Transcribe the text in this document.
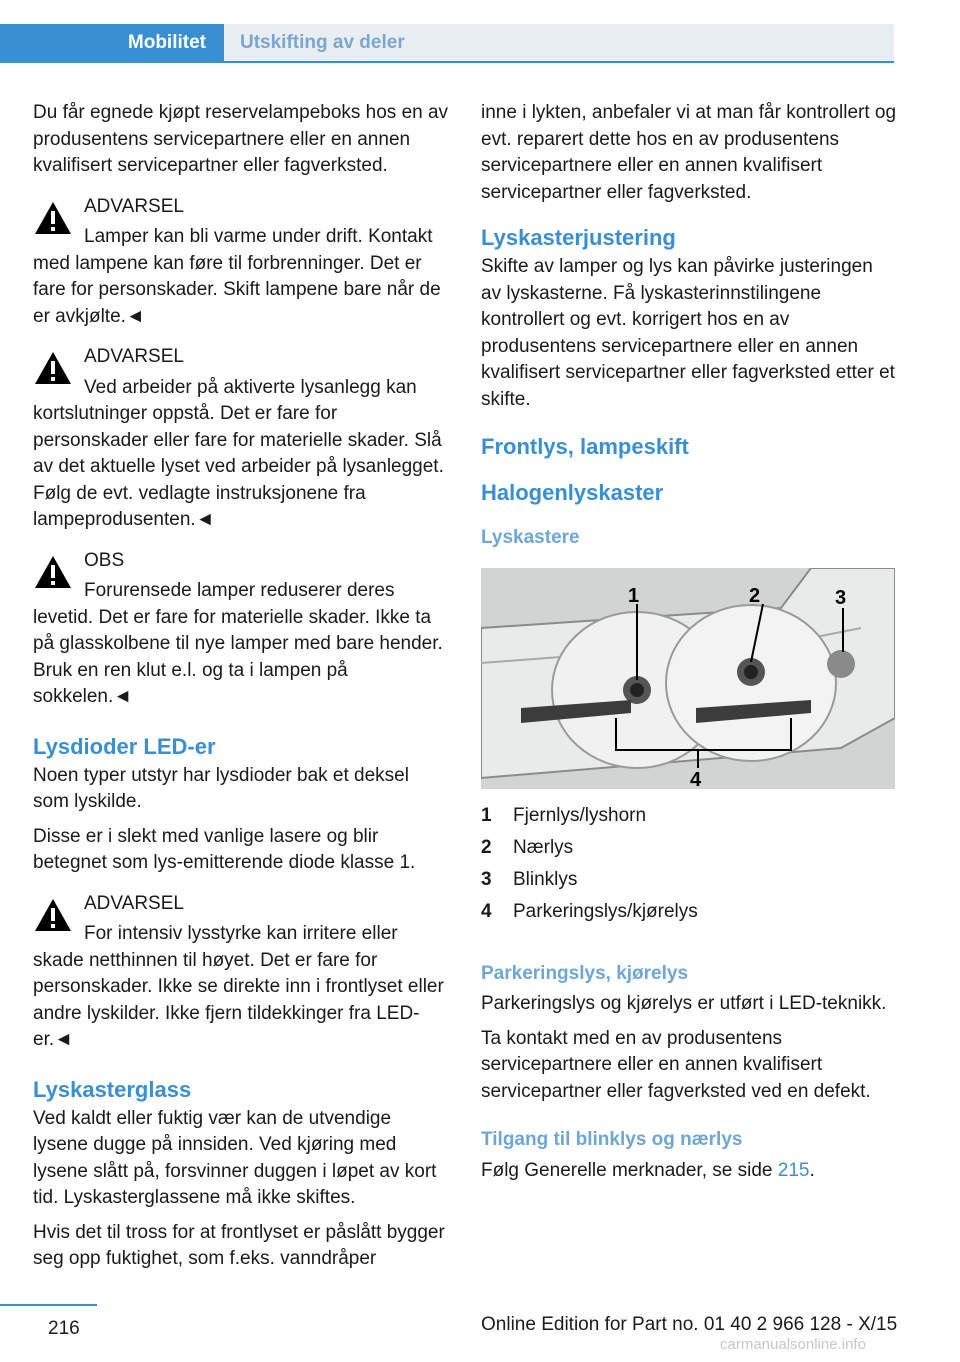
Mobilitet	Utskifting av deler

Du får egnede kjøpt reservelampeboks hos en av produsentens servicepartnere eller en annen kvalifisert servicepartner eller fagverksted.

ADVARSEL
Lamper kan bli varme under drift. Kontakt med lampene kan føre til forbrenninger. Det er fare for personskader. Skift lampene bare når de er avkjølte.◄
ADVARSEL
Ved arbeider på aktiverte lysanlegg kan kortslutninger oppstå. Det er fare for personskader eller fare for materielle skader. Slå av det aktuelle lyset ved arbeider på lysanlegget. Følg de evt. vedlagte instruksjonene fra lampeprodusenten.◄
OBS
Forurensede lamper reduserer deres levetid. Det er fare for materielle skader. Ikke ta på glasskolbene til nye lamper med bare hender. Bruk en ren klut e.l. og ta i lampen på sokkelen.◄
Lysdioder LED-er

Noen typer utstyr har lysdioder bak et deksel som lyskilde.

Disse er i slekt med vanlige lasere og blir betegnet som lys-emitterende diode klasse 1.

ADVARSEL
For intensiv lysstyrke kan irritere eller skade netthinnen til høyet. Det er fare for personskader. Ikke se direkte inn i frontlyset eller andre lyskilder. Ikke fjern tildekkinger fra LED-er.◄
Lyskasterglass

Ved kaldt eller fuktig vær kan de utvendige lysene dugge på innsiden. Ved kjøring med lysene slått på, forsvinner duggen i løpet av kort tid. Lyskasterglassene må ikke skiftes.

Hvis det til tross for at frontlyset er påslått bygger seg opp fuktighet, som f.eks. vanndråper

inne i lykten, anbefaler vi at man får kontrollert og evt. reparert dette hos en av produsentens servicepartnere eller en annen kvalifisert servicepartner eller fagverksted.

Lyskasterjustering

Skifte av lamper og lys kan påvirke justeringen av lyskasterne. Få lyskasterinnstilingene kontrollert og evt. korrigert hos en av produsentens servicepartnere eller en annen kvalifisert servicepartner eller fagverksted etter et skifte.

Frontlys, lampeskift
Halogenlyskaster
Lyskastere
1	2	3
4
1	Fjernlys/lyshorn
2	Nærlys
3	Blinklys
4	Parkeringslys/kjørelys
Parkeringslys, kjørelys

Parkeringslys og kjørelys er utført i LED-teknikk.

Ta kontakt med en av produsentens servicepartnere eller en annen kvalifisert servicepartner eller fagverksted ved en defekt.

Tilgang til blinklys og nærlys

Følg Generelle merknader, se side 215.

216	Online Edition for Part no. 01 40 2 966 128 - X/15
carmanualsonline.info
